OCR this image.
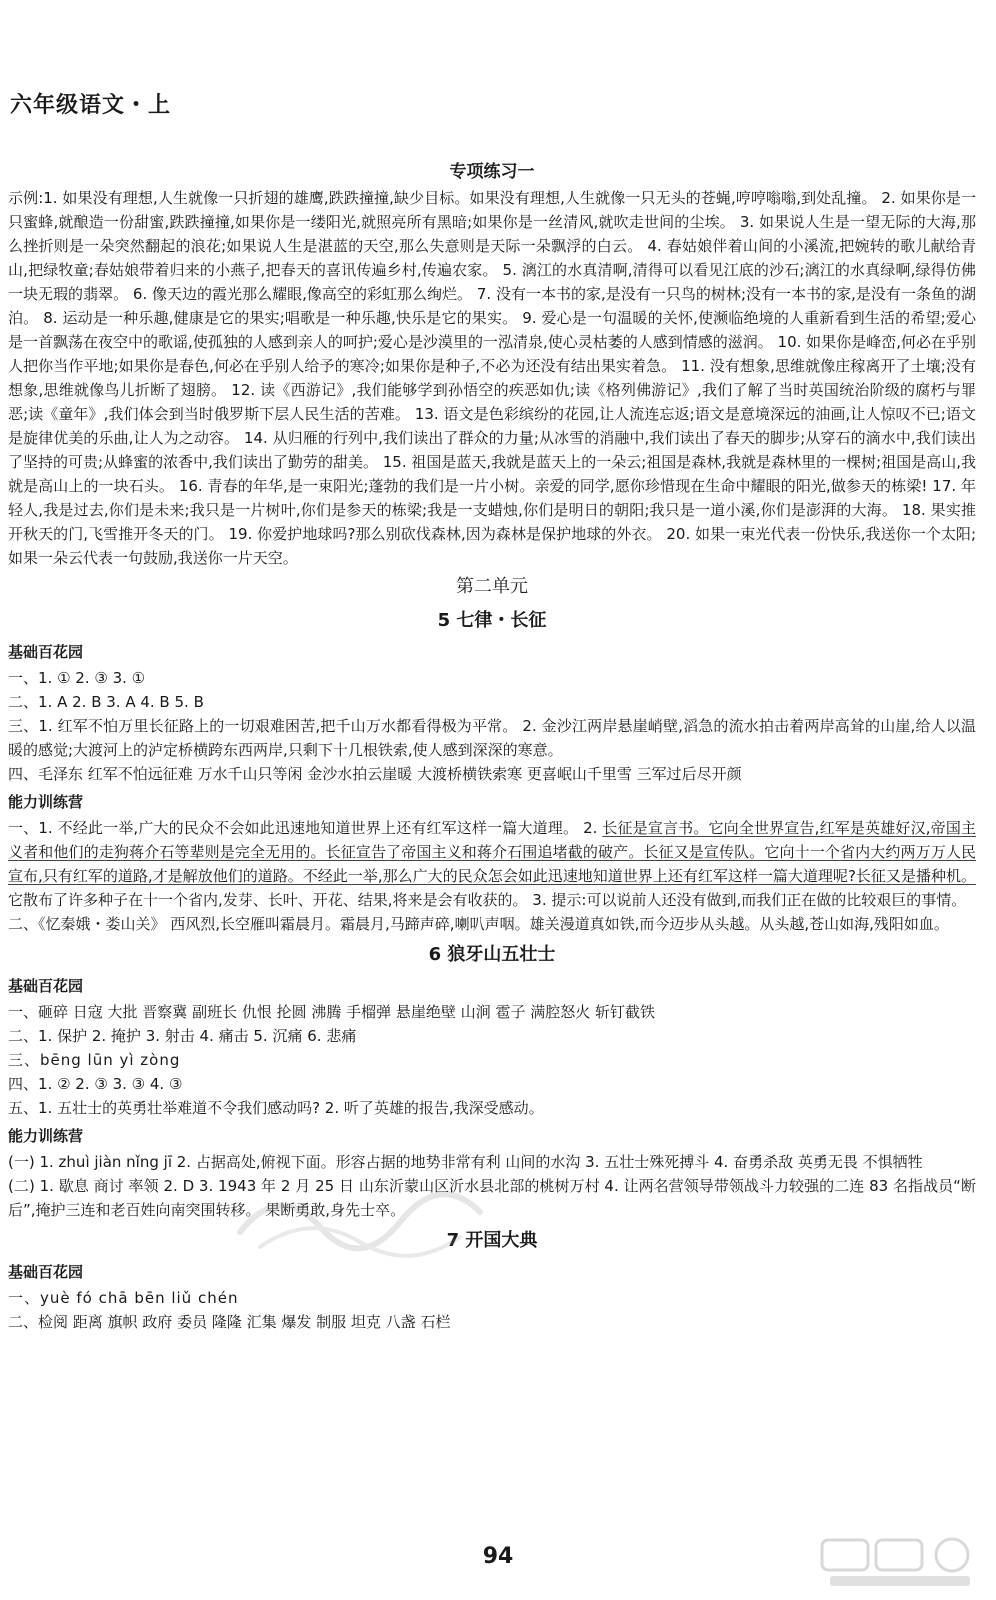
六年级语文・上
专项练习一

示例:1. 如果没有理想,人生就像一只折翅的雄鹰,跌跌撞撞,缺少目标。如果没有理想,人生就像一只无头的苍蝇,哼哼嗡嗡,到处乱撞。 2. 如果你是一只蜜蜂,就酿造一份甜蜜,跌跌撞撞,如果你是一缕阳光,就照亮所有黑暗;如果你是一丝清风,就吹走世间的尘埃。 3. 如果说人生是一望无际的大海,那么挫折则是一朵突然翻起的浪花;如果说人生是湛蓝的天空,那么失意则是天际一朵飘浮的白云。 4. 春姑娘伴着山间的小溪流,把婉转的歌儿献给青山,把绿牧童;春姑娘带着归来的小燕子,把春天的喜讯传遍乡村,传遍农家。 5. 漓江的水真清啊,清得可以看见江底的沙石;漓江的水真绿啊,绿得仿佛一块无瑕的翡翠。 6. 像天边的霞光那么耀眼,像高空的彩虹那么绚烂。 7. 没有一本书的家,是没有一只鸟的树林;没有一本书的家,是没有一条鱼的湖泊。 8. 运动是一种乐趣,健康是它的果实;唱歌是一种乐趣,快乐是它的果实。 9. 爱心是一句温暖的关怀,使濒临绝境的人重新看到生活的希望;爱心是一首飘荡在夜空中的歌谣,使孤独的人感到亲人的呵护;爱心是沙漠里的一泓清泉,使心灵枯萎的人感到情感的滋润。 10. 如果你是峰峦,何必在乎别人把你当作平地;如果你是春色,何必在乎别人给予的寒冷;如果你是种子,不必为还没有结出果实着急。 11. 没有想象,思维就像庄稼离开了土壤;没有想象,思维就像鸟儿折断了翅膀。 12. 读《西游记》,我们能够学到孙悟空的疾恶如仇;读《格列佛游记》,我们了解了当时英国统治阶级的腐朽与罪恶;读《童年》,我们体会到当时俄罗斯下层人民生活的苦难。 13. 语文是色彩缤纷的花园,让人流连忘返;语文是意境深远的油画,让人惊叹不已;语文是旋律优美的乐曲,让人为之动容。 14. 从归雁的行列中,我们读出了群众的力量;从冰雪的消融中,我们读出了春天的脚步;从穿石的滴水中,我们读出了坚持的可贵;从蜂蜜的浓香中,我们读出了勤劳的甜美。 15. 祖国是蓝天,我就是蓝天上的一朵云;祖国是森林,我就是森林里的一棵树;祖国是高山,我就是高山上的一块石头。 16. 青春的年华,是一束阳光;蓬勃的我们是一片小树。亲爱的同学,愿你珍惜现在生命中耀眼的阳光,做参天的栋梁! 17. 年轻人,我是过去,你们是未来;我只是一片树叶,你们是参天的栋梁;我是一支蜡烛,你们是明日的朝阳;我只是一道小溪,你们是澎湃的大海。 18. 果实推开秋天的门,飞雪推开冬天的门。 19. 你爱护地球吗?那么别砍伐森林,因为森林是保护地球的外衣。 20. 如果一束光代表一份快乐,我送你一个太阳;如果一朵云代表一句鼓励,我送你一片天空。

第二单元
5 七律・长征
基础百花园

一、1. ① 2. ③ 3. ①

二、1. A 2. B 3. A 4. B 5. B

三、1. 红军不怕万里长征路上的一切艰难困苦,把千山万水都看得极为平常。 2. 金沙江两岸悬崖峭壁,滔急的流水拍击着两岸高耸的山崖,给人以温暖的感觉;大渡河上的泸定桥横跨东西两岸,只剩下十几根铁索,使人感到深深的寒意。

四、毛泽东 红军不怕远征难 万水千山只等闲 金沙水拍云崖暖 大渡桥横铁索寒 更喜岷山千里雪 三军过后尽开颜

能力训练营

一、1. 不经此一举,广大的民众不会如此迅速地知道世界上还有红军这样一篇大道理。 2. 长征是宣言书。它向全世界宣告,红军是英雄好汉,帝国主义者和他们的走狗蒋介石等辈则是完全无用的。长征宣告了帝国主义和蒋介石围追堵截的破产。长征又是宣传队。它向十一个省内大约两万万人民宣布,只有红军的道路,才是解放他们的道路。不经此一举,那么广大的民众怎会如此迅速地知道世界上还有红军这样一篇大道理呢?长征又是播种机。它散布了许多种子在十一个省内,发芽、长叶、开花、结果,将来是会有收获的。 3. 提示:可以说前人还没有做到,而我们正在做的比较艰巨的事情。

二、《忆秦娥・娄山关》 西风烈,长空雁叫霜晨月。霜晨月,马蹄声碎,喇叭声咽。雄关漫道真如铁,而今迈步从头越。从头越,苍山如海,残阳如血。

6 狼牙山五壮士
基础百花园

一、砸碎 日寇 大批 晋察冀 副班长 仇恨 抡圆 沸腾 手榴弹 悬崖绝壁 山涧 雹子 满腔怒火 斩钉截铁

二、1. 保护 2. 掩护 3. 射击 4. 痛击 5. 沉痛 6. 悲痛

三、bēng lūn yì zòng

四、1. ② 2. ③ 3. ③ 4. ③

五、1. 五壮士的英勇壮举难道不令我们感动吗? 2. 听了英雄的报告,我深受感动。

能力训练营

(一) 1. zhuì jiàn nǐng jī 2. 占据高处,俯视下面。形容占据的地势非常有利 山间的水沟 3. 五壮士殊死搏斗 4. 奋勇杀敌 英勇无畏 不惧牺牲

(二) 1. 歇息 商讨 率领 2. D 3. 1943 年 2 月 25 日 山东沂蒙山区沂水县北部的桃树万村 4. 让两名营领导带领战斗力较强的二连 83 名指战员“断后”,掩护三连和老百姓向南突围转移。 果断勇敢,身先士卒。

7 开国大典
基础百花园

一、yuè fó chā bēn liǔ chén

二、检阅 距离 旗帜 政府 委员 隆隆 汇集 爆发 制服 坦克 八盏 石栏

94
